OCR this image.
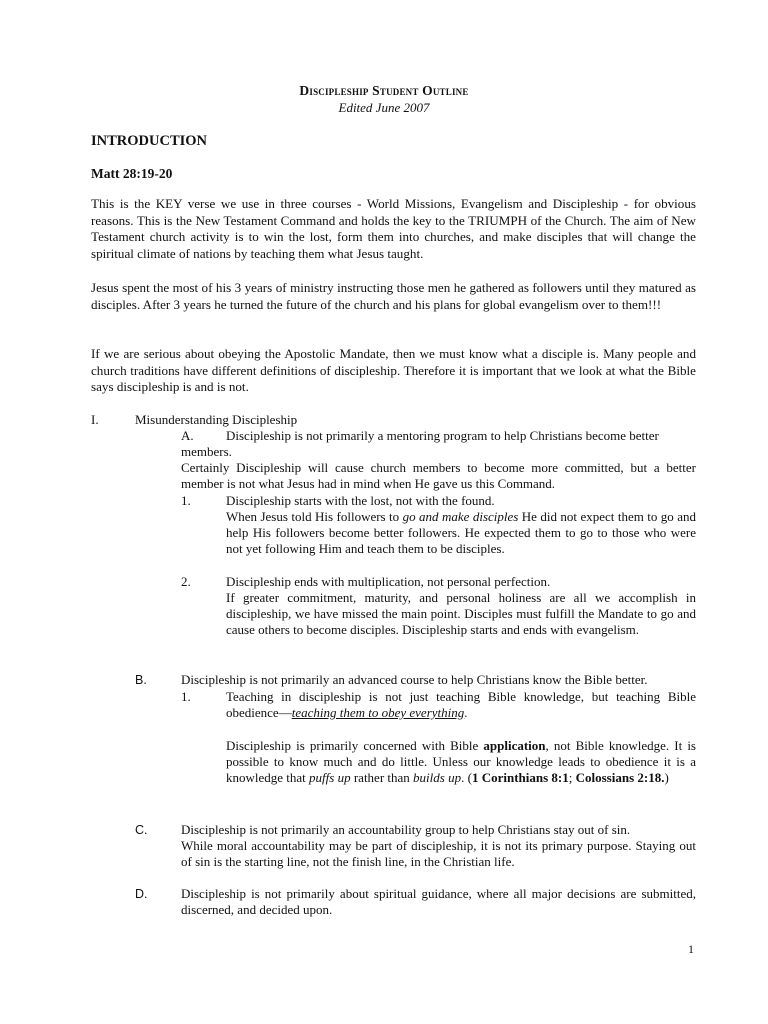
Discipleship Student Outline
Edited June 2007
INTRODUCTION
Matt 28:19-20

This is the KEY verse we use in three courses - World Missions, Evangelism and Discipleship - for obvious reasons. This is the New Testament Command and holds the key to the TRIUMPH of the Church. The aim of New Testament church activity is to win the lost, form them into churches, and make disciples that will change the spiritual climate of nations by teaching them what Jesus taught.

Jesus spent the most of his 3 years of ministry instructing those men he gathered as followers until they matured as disciples. After 3 years he turned the future of the church and his plans for global evangelism over to them!!!

If we are serious about obeying the Apostolic Mandate, then we must know what a disciple is. Many people and church traditions have different definitions of discipleship. Therefore it is important that we look at what the Bible says discipleship is and is not.

I.	Misunderstanding Discipleship
A. Discipleship is not primarily a mentoring program to help Christians become better
members.

Certainly Discipleship will cause church members to become more committed, but a better member is not what Jesus had in mind when He gave us this Command.

1.	Discipleship starts with the lost, not with the found.

When Jesus told His followers to go and make disciples He did not expect them to go and help His followers become better followers. He expected them to go to those who were not yet following Him and teach them to be disciples.

2.	Discipleship ends with multiplication, not personal perfection.

If greater commitment, maturity, and personal holiness are all we accomplish in discipleship, we have missed the main point. Disciples must fulfill the Mandate to go and cause others to become disciples. Discipleship starts and ends with evangelism.

B.	Discipleship is not primarily an advanced course to help Christians know the Bible better.
1.	Teaching in discipleship is not just teaching Bible knowledge, but teaching Bible obedience—teaching them to obey everything.

Discipleship is primarily concerned with Bible application, not Bible knowledge. It is possible to know much and do little. Unless our knowledge leads to obedience it is a knowledge that puffs up rather than builds up. (1 Corinthians 8:1; Colossians 2:18.)

C.	Discipleship is not primarily an accountability group to help Christians stay out of sin.

While moral accountability may be part of discipleship, it is not its primary purpose. Staying out of sin is the starting line, not the finish line, in the Christian life.

D.	Discipleship is not primarily about spiritual guidance, where all major decisions are submitted, discerned, and decided upon.

1
